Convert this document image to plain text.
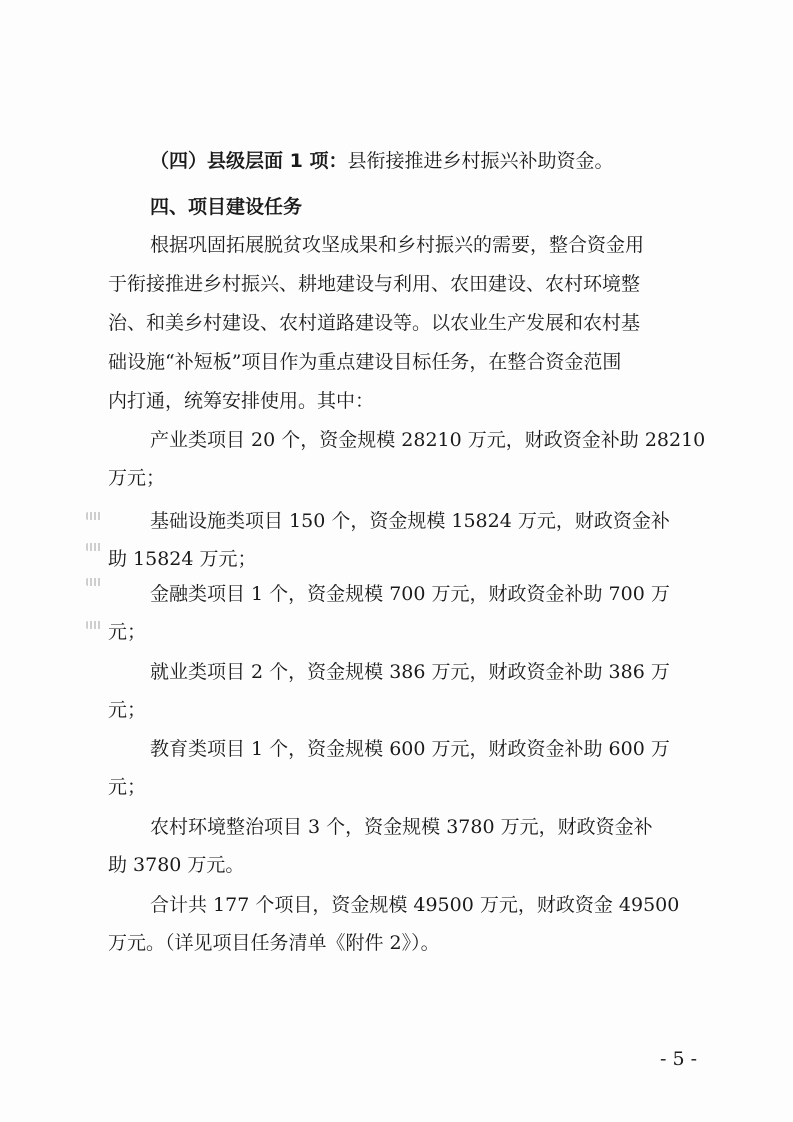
（四）县级层面 1 项：县衔接推进乡村振兴补助资金。
四、项目建设任务
根据巩固拓展脱贫攻坚成果和乡村振兴的需要，整合资金用
于衔接推进乡村振兴、耕地建设与利用、农田建设、农村环境整
治、和美乡村建设、农村道路建设等。以农业生产发展和农村基
础设施“补短板”项目作为重点建设目标任务，在整合资金范围
内打通，统筹安排使用。其中：
产业类项目 20 个，资金规模 28210 万元，财政资金补助 28210
万元；
基础设施类项目 150 个，资金规模 15824 万元，财政资金补
助 15824 万元；
金融类项目 1 个，资金规模 700 万元，财政资金补助 700 万
元；
就业类项目 2 个，资金规模 386 万元，财政资金补助 386 万
元；
教育类项目 1 个，资金规模 600 万元，财政资金补助 600 万
元；
农村环境整治项目 3 个，资金规模 3780 万元，财政资金补
助 3780 万元。
合计共 177 个项目，资金规模 49500 万元，财政资金 49500
万元。（详见项目任务清单《附件 2》）。
- 5 -
